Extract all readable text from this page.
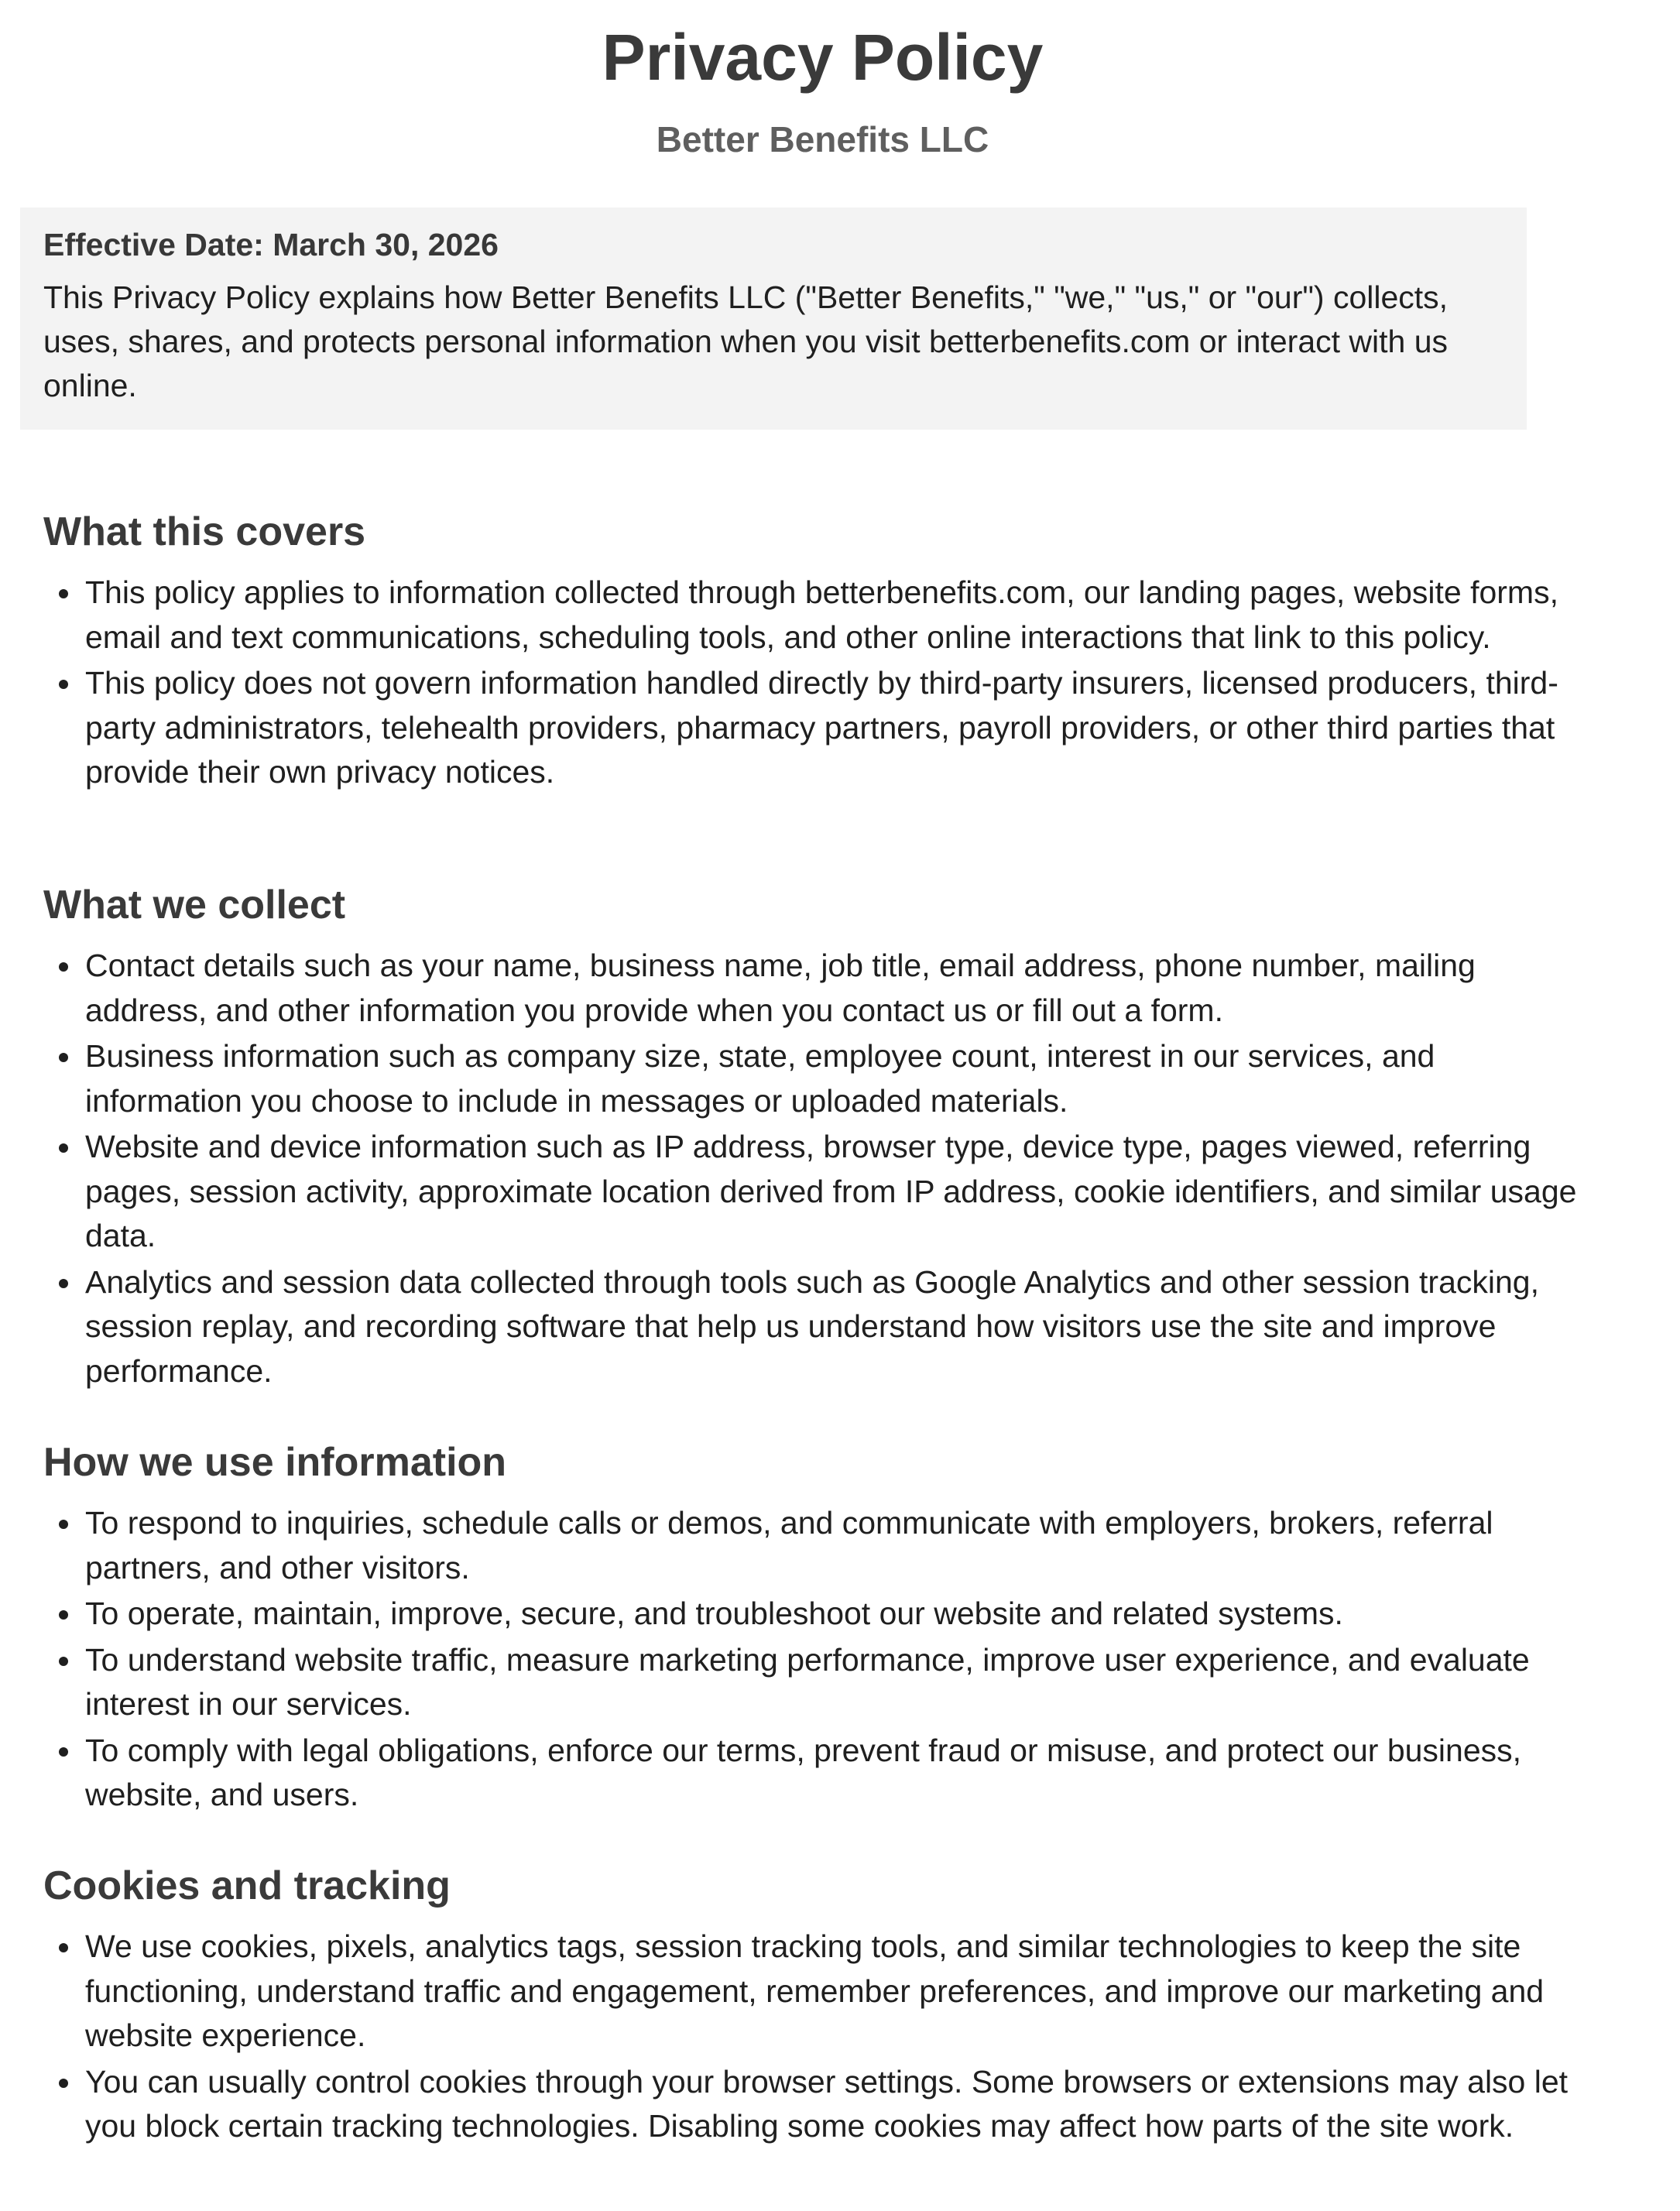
Privacy Policy
Better Benefits LLC

Effective Date: March 30, 2026

This Privacy Policy explains how Better Benefits LLC ("Better Benefits," "we," "us," or "our") collects, uses, shares, and protects personal information when you visit betterbenefits.com or interact with us online.

What this covers
This policy applies to information collected through betterbenefits.com, our landing pages, website forms, email and text communications, scheduling tools, and other online interactions that link to this policy.
This policy does not govern information handled directly by third-party insurers, licensed producers, third-party administrators, telehealth providers, pharmacy partners, payroll providers, or other third parties that provide their own privacy notices.
What we collect
Contact details such as your name, business name, job title, email address, phone number, mailing address, and other information you provide when you contact us or fill out a form.
Business information such as company size, state, employee count, interest in our services, and information you choose to include in messages or uploaded materials.
Website and device information such as IP address, browser type, device type, pages viewed, referring pages, session activity, approximate location derived from IP address, cookie identifiers, and similar usage data.
Analytics and session data collected through tools such as Google Analytics and other session tracking, session replay, and recording software that help us understand how visitors use the site and improve performance.
How we use information
To respond to inquiries, schedule calls or demos, and communicate with employers, brokers, referral partners, and other visitors.
To operate, maintain, improve, secure, and troubleshoot our website and related systems.
To understand website traffic, measure marketing performance, improve user experience, and evaluate interest in our services.
To comply with legal obligations, enforce our terms, prevent fraud or misuse, and protect our business, website, and users.
Cookies and tracking
We use cookies, pixels, analytics tags, session tracking tools, and similar technologies to keep the site functioning, understand traffic and engagement, remember preferences, and improve our marketing and website experience.
You can usually control cookies through your browser settings. Some browsers or extensions may also let you block certain tracking technologies. Disabling some cookies may affect how parts of the site work.
